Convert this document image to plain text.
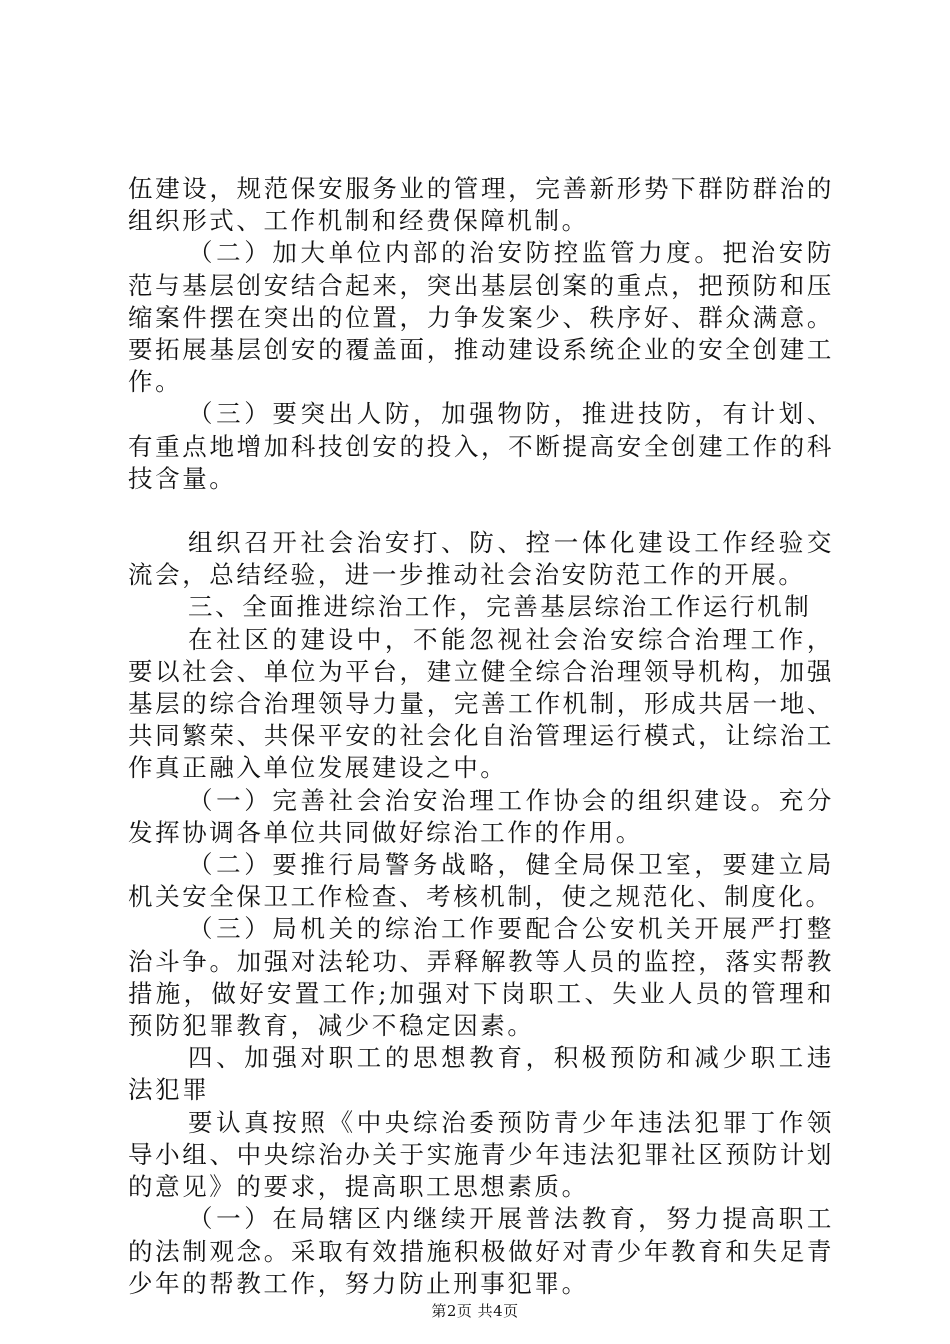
伍建设，规范保安服务业的管理，完善新形势下群防群治的组织形式、工作机制和经费保障机制。

（二）加大单位内部的治安防控监管力度。把治安防范与基层创安结合起来，突出基层创案的重点，把预防和压缩案件摆在突出的位置，力争发案少、秩序好、群众满意。要拓展基层创安的覆盖面，推动建设系统企业的安全创建工作。

（三）要突出人防，加强物防，推进技防，有计划、有重点地增加科技创安的投入，不断提高安全创建工作的科技含量。

组织召开社会治安打、防、控一体化建设工作经验交流会，总结经验，进一步推动社会治安防范工作的开展。

三、全面推进综治工作，完善基层综治工作运行机制

在社区的建设中，不能忽视社会治安综合治理工作，要以社会、单位为平台，建立健全综合治理领导机构，加强基层的综合治理领导力量，完善工作机制，形成共居一地、共同繁荣、共保平安的社会化自治管理运行模式，让综治工作真正融入单位发展建设之中。

（一）完善社会治安治理工作协会的组织建设。充分发挥协调各单位共同做好综治工作的作用。

（二）要推行局警务战略，健全局保卫室，要建立局机关安全保卫工作检查、考核机制，使之规范化、制度化。

（三）局机关的综治工作要配合公安机关开展严打整治斗争。加强对法轮功、弄释解教等人员的监控，落实帮教措施，做好安置工作;加强对下岗职工、失业人员的管理和预防犯罪教育，减少不稳定因素。

四、加强对职工的思想教育，积极预防和减少职工违法犯罪

要认真按照《中央综治委预防青少年违法犯罪丁作领导小组、中央综治办关于实施青少年违法犯罪社区预防计划的意见》的要求，提高职工思想素质。

（一）在局辖区内继续开展普法教育，努力提高职工的法制观念。采取有效措施积极做好对青少年教育和失足青少年的帮教工作，努力防止刑事犯罪。

第2页 共4页
